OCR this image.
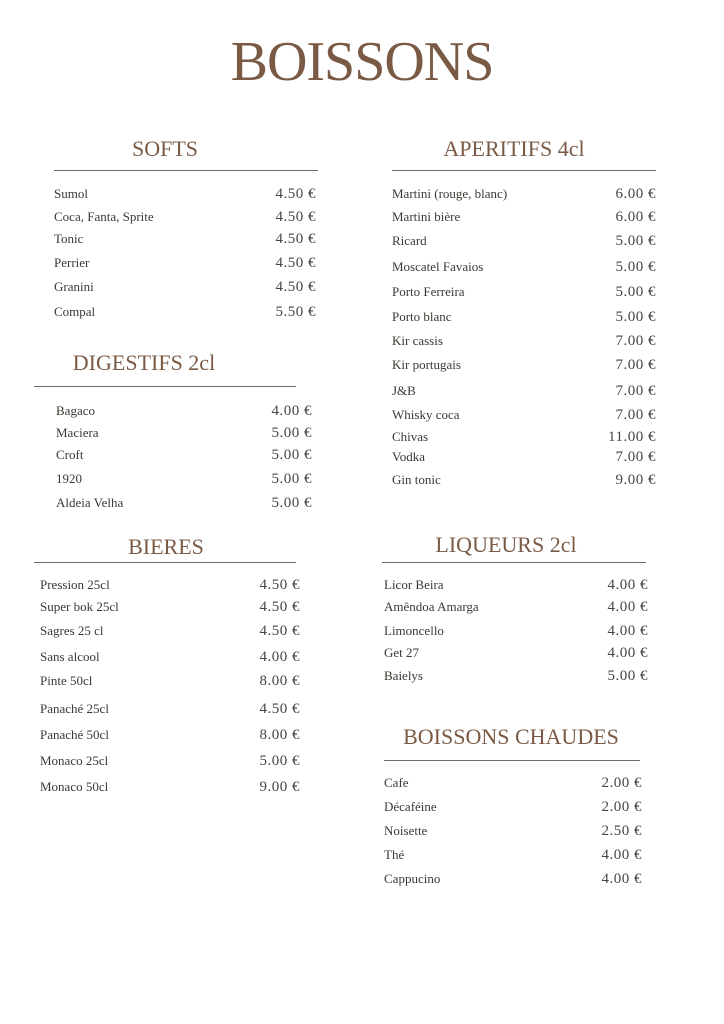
BOISSONS
SOFTS
Sumol	4.50 €
Coca, Fanta, Sprite	4.50 €
Tonic	4.50 €
Perrier	4.50 €
Granini	4.50 €
Compal	5.50 €
DIGESTIFS 2cl
Bagaco	4.00 €
Maciera	5.00 €
Croft	5.00 €
1920	5.00 €
Aldeia Velha	5.00 €
BIERES
Pression 25cl	4.50 €
Super bok 25cl	4.50 €
Sagres 25 cl	4.50 €
Sans alcool	4.00 €
Pinte 50cl	8.00 €
Panaché 25cl	4.50 €
Panaché 50cl	8.00 €
Monaco 25cl	5.00 €
Monaco 50cl	9.00 €
APERITIFS 4cl
Martini (rouge, blanc)	6.00 €
Martini bière	6.00 €
Ricard	5.00 €
Moscatel Favaios	5.00 €
Porto Ferreira	5.00 €
Porto blanc	5.00 €
Kir cassis	7.00 €
Kir portugais	7.00 €
J&B	7.00 €
Whisky coca	7.00 €
Chivas	11.00 €
Vodka	7.00 €
Gin tonic	9.00 €
LIQUEURS 2cl
Licor Beira	4.00 €
Amêndoa Amarga	4.00 €
Limoncello	4.00 €
Get 27	4.00 €
Baielys	5.00 €
BOISSONS CHAUDES
Cafe	2.00 €
Décaféine	2.00 €
Noisette	2.50 €
Thé	4.00 €
Cappucino	4.00 €
